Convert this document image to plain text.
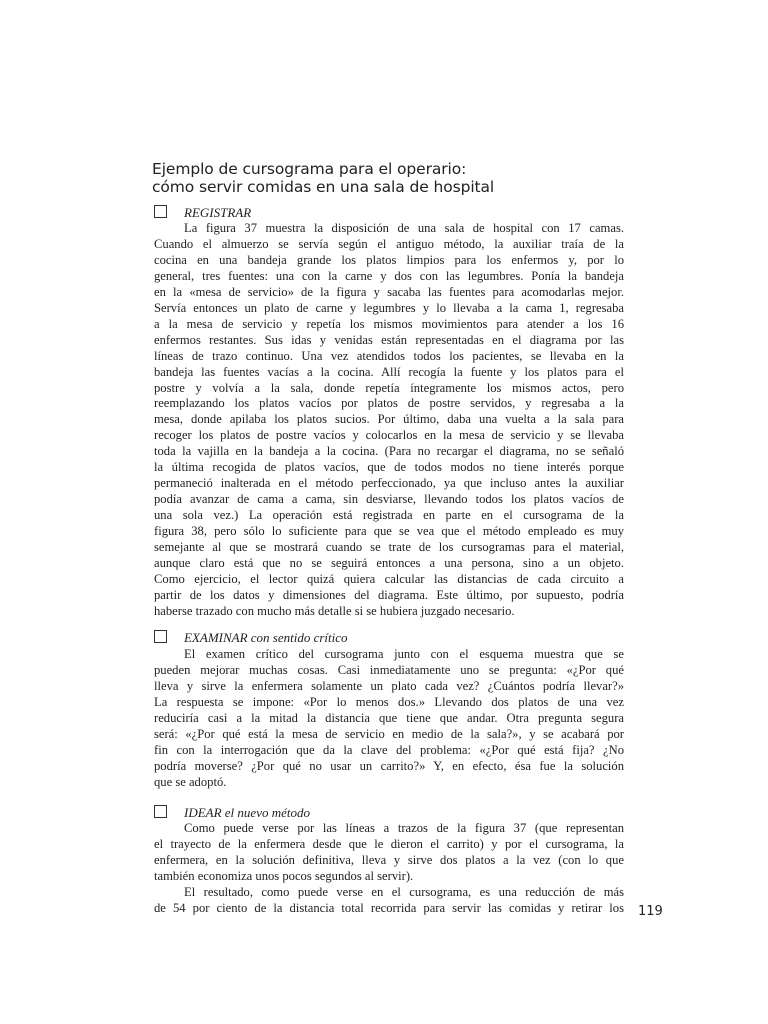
Ejemplo de cursograma para el operario:
cómo servir comidas en una sala de hospital
REGISTRAR
La figura 37 muestra la disposición de una sala de hospital con 17 camas.
Cuando el almuerzo se servía según el antiguo método, la auxiliar traía de la
cocina en una bandeja grande los platos limpios para los enfermos y, por lo
general, tres fuentes: una con la carne y dos con las legumbres. Ponía la bandeja
en la «mesa de servicio» de la figura y sacaba las fuentes para acomodarlas mejor.
Servía entonces un plato de carne y legumbres y lo llevaba a la cama 1, regresaba
a la mesa de servicio y repetía los mismos movimientos para atender a los 16
enfermos restantes. Sus idas y venidas están representadas en el diagrama por las
líneas de trazo continuo. Una vez atendidos todos los pacientes, se llevaba en la
bandeja las fuentes vacías a la cocina. Allí recogía la fuente y los platos para el
postre y volvía a la sala, donde repetía íntegramente los mismos actos, pero
reemplazando los platos vacíos por platos de postre servidos, y regresaba a la
mesa, donde apilaba los platos sucios. Por último, daba una vuelta a la sala para
recoger los platos de postre vacíos y colocarlos en la mesa de servicio y se llevaba
toda la vajilla en la bandeja a la cocina. (Para no recargar el diagrama, no se señaló
la última recogida de platos vacíos, que de todos modos no tiene interés porque
permaneció inalterada en el método perfeccionado, ya que incluso antes la auxiliar
podía avanzar de cama a cama, sin desviarse, llevando todos los platos vacíos de
una sola vez.) La operación está registrada en parte en el cursograma de la
figura 38, pero sólo lo suficiente para que se vea que el método empleado es muy
semejante al que se mostrará cuando se trate de los cursogramas para el material,
aunque claro está que no se seguirá entonces a una persona, sino a un objeto.
Como ejercicio, el lector quizá quiera calcular las distancias de cada circuito a
partir de los datos y dimensiones del diagrama. Este último, por supuesto, podría
haberse trazado con mucho más detalle si se hubiera juzgado necesario.
EXAMINAR con sentido crítico
El examen crítico del cursograma junto con el esquema muestra que se
pueden mejorar muchas cosas. Casi inmediatamente uno se pregunta: «¿Por qué
lleva y sirve la enfermera solamente un plato cada vez? ¿Cuántos podría llevar?»
La respuesta se impone: «Por lo menos dos.» Llevando dos platos de una vez
reduciría casi a la mitad la distancia que tiene que andar. Otra pregunta segura
será: «¿Por qué está la mesa de servicio en medio de la sala?», y se acabará por
fin con la interrogación que da la clave del problema: «¿Por qué está fija? ¿No
podría moverse? ¿Por qué no usar un carrito?» Y, en efecto, ésa fue la solución
que se adoptó.
IDEAR el nuevo método
Como puede verse por las líneas a trazos de la figura 37 (que representan
el trayecto de la enfermera desde que le dieron el carrito) y por el cursograma, la
enfermera, en la solución definitiva, lleva y sirve dos platos a la vez (con lo que
también economiza unos pocos segundos al servir).
El resultado, como puede verse en el cursograma, es una reducción de más
de 54 por ciento de la distancia total recorrida para servir las comidas y retirar los 119
